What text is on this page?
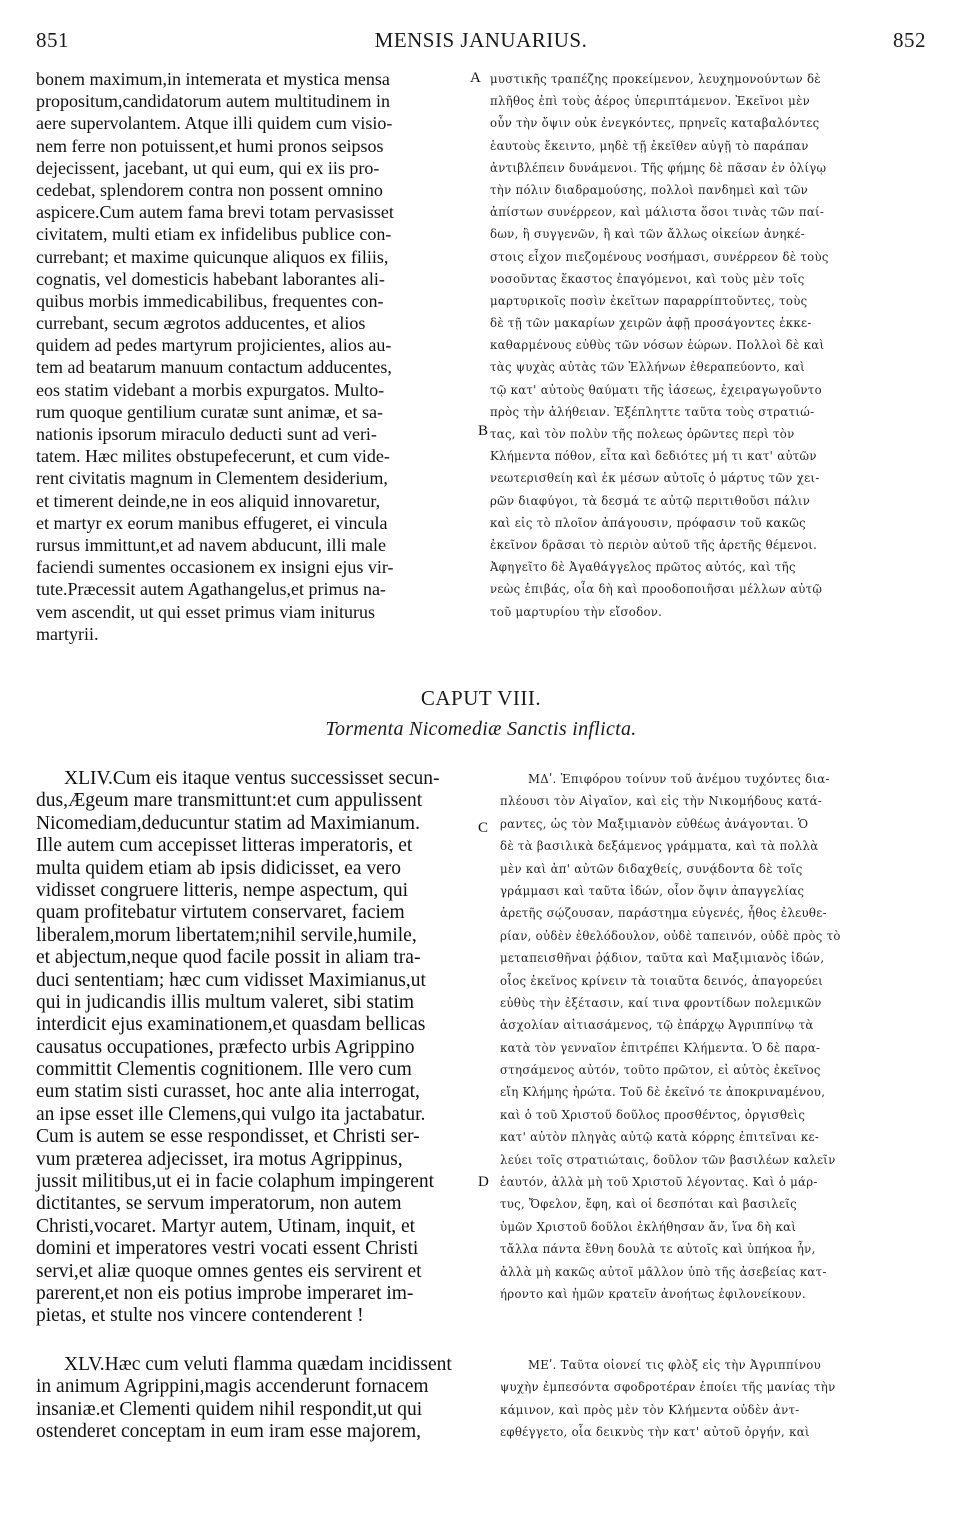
851	MENSIS JANUARIUS.	852
A
B
C
D
bonem maximum,in intemerata et mystica mensa
propositum,candidatorum autem multitudinem in
aere supervolantem. Atque illi quidem cum visio-
nem ferre non potuissent,et humi pronos seipsos
dejecissent, jacebant, ut qui eum, qui ex iis pro-
cedebat, splendorem contra non possent omnino
aspicere.Cum autem fama brevi totam pervasisset
civitatem, multi etiam ex infidelibus publice con-
currebant; et maxime quicunque aliquos ex filiis,
cognatis, vel domesticis habebant laborantes ali-
quibus morbis immedicabilibus, frequentes con-
currebant, secum ægrotos adducentes, et alios
quidem ad pedes martyrum projicientes, alios au-
tem ad beatarum manuum contactum adducentes,
eos statim videbant a morbis expurgatos. Multo-
rum quoque gentilium curatæ sunt animæ, et sa-
nationis ipsorum miraculo deducti sunt ad veri-
tatem. Hæc milites obstupefecerunt, et cum vide-
rent civitatis magnum in Clementem desiderium,
et timerent deinde,ne in eos aliquid innovaretur,
et martyr ex eorum manibus effugeret, ei vincula
rursus immittunt,et ad navem abducunt, illi male
faciendi sumentes occasionem ex insigni ejus vir-
tute.Præcessit autem Agathangelus,et primus na-
vem ascendit, ut qui esset primus viam initurus
martyrii.
μυστικῆς τραπέζης προκείμενον, λευχημονούντων δὲ
πλῆθος ἐπὶ τοὺς ἀέρος ὑπεριπτάμενον. Ἐκεῖνοι μὲν
οὖν τὴν ὄψιν οὐκ ἐνεγκόντες, πρηνεῖς καταβαλόντες
ἑαυτοὺς ἔκειντο, μηδὲ τῇ ἐκεῖθεν αὐγῇ τὸ παράπαν
ἀντιβλέπειν δυνάμενοι. Τῆς φήμης δὲ πᾶσαν ἐν ὀλίγῳ
τὴν πόλιν διαδραμούσης, πολλοὶ πανδημεὶ καὶ τῶν
ἀπίστων συνέρρεον, καὶ μάλιστα ὅσοι τινὰς τῶν παί-
δων, ἢ συγγενῶν, ἢ καὶ τῶν ἄλλως οἰκείων ἀνηκέ-
στοις εἶχον πιεζομένους νοσήμασι, συνέρρεον δὲ τοὺς
νοσοῦντας ἕκαστος ἐπαγόμενοι, καὶ τοὺς μὲν τοῖς
μαρτυρικοῖς ποσὶν ἐκεῖτων παραρρίπτοῦντες, τοὺς
δὲ τῇ τῶν μακαρίων χειρῶν ἀφῇ προσάγοντες ἐκκε-
καθαρμένους εὐθὺς τῶν νόσων ἑώρων. Πολλοὶ δὲ καὶ
τὰς ψυχὰς αὐτὰς τῶν Ἑλλήνων ἐθεραπεύοντο, καὶ
τῷ κατ' αὐτοὺς θαύματι τῆς ἰάσεως, ἐχειραγωγοῦντο
πρὸς τὴν ἀλήθειαν. Ἐξέπληττε ταῦτα τοὺς στρατιώ-
τας, καὶ τὸν πολὺν τῆς πολεως ὁρῶντες περὶ τὸν
Κλήμεντα πόθον, εἶτα καὶ δεδιότες μή τι κατ' αὐτῶν
νεωτερισθείη καὶ ἐκ μέσων αὐτοῖς ὁ μάρτυς τῶν χει-
ρῶν διαφύγοι, τὰ δεσμά τε αὐτῷ περιτιθοῦσι πάλιν
καὶ εἰς τὸ πλοῖον ἀπάγουσιν, πρόφασιν τοῦ κακῶς
ἐκεῖνον δρᾶσαι τὸ περιὸν αὐτοῦ τῆς ἀρετῆς θέμενοι.
Ἀφηγεῖτο δὲ Ἀγαθάγγελος πρῶτος αὐτός, καὶ τῆς
νεὼς ἐπιβάς, οἷα δὴ καὶ προοδοποιῆσαι μέλλων αὐτῷ
τοῦ μαρτυρίου τὴν εἴσοδον.
CAPUT VIII.
Tormenta Nicomediæ Sanctis inflicta.
XLIV.Cum eis itaque ventus successisset secun-
dus,Ægeum mare transmittunt:et cum appulissent
Nicomediam,deducuntur statim ad Maximianum.
Ille autem cum accepisset litteras imperatoris, et
multa quidem etiam ab ipsis didicisset, ea vero
vidisset congruere litteris, nempe aspectum, qui
quam profitebatur virtutem conservaret, faciem
liberalem,morum libertatem;nihil servile,humile,
et abjectum,neque quod facile possit in aliam tra-
duci sententiam; hæc cum vidisset Maximianus,ut
qui in judicandis illis multum valeret, sibi statim
interdicit ejus examinationem,et quasdam bellicas
causatus occupationes, præfecto urbis Agrippino
committit Clementis cognitionem. Ille vero cum
eum statim sisti curasset, hoc ante alia interrogat,
an ipse esset ille Clemens,qui vulgo ita jactabatur.
Cum is autem se esse respondisset, et Christi ser-
vum præterea adjecisset, ira motus Agrippinus,
jussit militibus,ut ei in facie colaphum impingerent
dictitantes, se servum imperatorum, non autem
Christi,vocaret. Martyr autem, Utinam, inquit, et
domini et imperatores vestri vocati essent Christi
servi,et aliæ quoque omnes gentes eis servirent et
parerent,et non eis potius improbe imperaret im-
pietas, et stulte nos vincere contenderent !
ΜΔʹ. Ἐπιφόρου τοίνυν τοῦ ἀνέμου τυχόντες δια-
πλέουσι τὸν Αἰγαῖον, καὶ εἰς τὴν Νικομήδους κατά-
ραντες, ὡς τὸν Μαξιμιανὸν εὐθέως ἀνάγονται. Ὁ
δὲ τὰ βασιλικὰ δεξάμενος γράμματα, καὶ τὰ πολλὰ
μὲν καὶ ἀπ' αὐτῶν διδαχθείς, συνᾴδοντα δὲ τοῖς
γράμμασι καὶ ταῦτα ἰδών, οἷον ὄψιν ἀπαγγελίας
ἀρετῆς σῴζουσαν, παράστημα εὐγενές, ἦθος ἐλευθε-
ρίαν, οὐδὲν ἐθελόδουλον, οὐδὲ ταπεινόν, οὐδὲ πρὸς τὸ
μεταπεισθῆναι ῥᾴδιον, ταῦτα καὶ Μαξιμιανὸς ἰδών,
οἷος ἐκεῖνος κρίνειν τὰ τοιαῦτα δεινός, ἀπαγορεύει
εὐθὺς τὴν ἐξέτασιν, καί τινα φροντίδων πολεμικῶν
ἀσχολίαν αἰτιασάμενος, τῷ ἐπάρχῳ Ἀγριππίνῳ τὰ
κατὰ τὸν γενναῖον ἐπιτρέπει Κλήμεντα. Ὁ δὲ παρα-
στησάμενος αὐτόν, τοῦτο πρῶτον, εἰ αὐτὸς ἐκεῖνος
εἴη Κλήμης ἠρώτα. Τοῦ δὲ ἐκεῖνό τε ἀποκριναμένου,
καὶ ὁ τοῦ Χριστοῦ δοῦλος προσθέντος, ὀργισθεὶς
κατ' αὐτὸν πληγὰς αὐτῷ κατὰ κόρρης ἐπιτεῖναι κε-
λεύει τοῖς στρατιώταις, δοῦλον τῶν βασιλέων καλεῖν
ἑαυτόν, ἀλλὰ μὴ τοῦ Χριστοῦ λέγοντας. Καὶ ὁ μάρ-
τυς, Ὄφελον, ἔφη, καὶ οἱ δεσπόται καὶ βασιλεῖς
ὑμῶν Χριστοῦ δοῦλοι ἐκλήθησαν ἄν, ἵνα δὴ καὶ
τἄλλα πάντα ἔθνη δουλὰ τε αὐτοῖς καὶ ὑπήκοα ἦν,
ἀλλὰ μὴ κακῶς αὐτοῖ μᾶλλον ὑπὸ τῆς ἀσεβείας κατ-
ήροντο καὶ ἡμῶν κρατεῖν ἀνοήτως ἐφιλονείκουν.
XLV.Hæc cum veluti flamma quædam incidissent
in animum Agrippini,magis accenderunt fornacem
insaniæ.et Clementi quidem nihil respondit,ut qui
ostenderet conceptam in eum iram esse majorem,
ΜΕʹ. Ταῦτα οἱονεί τις φλὸξ εἰς τὴν Ἀγριππίνου
ψυχὴν ἐμπεσόντα σφοδροτέραν ἐποίει τῆς μανίας τὴν
κάμινον, καὶ πρὸς μὲν τὸν Κλήμεντα οὐδὲν ἀντ-
εφθέγγετο, οἷα δεικνὺς τὴν κατ' αὐτοῦ ὀργήν, καὶ
